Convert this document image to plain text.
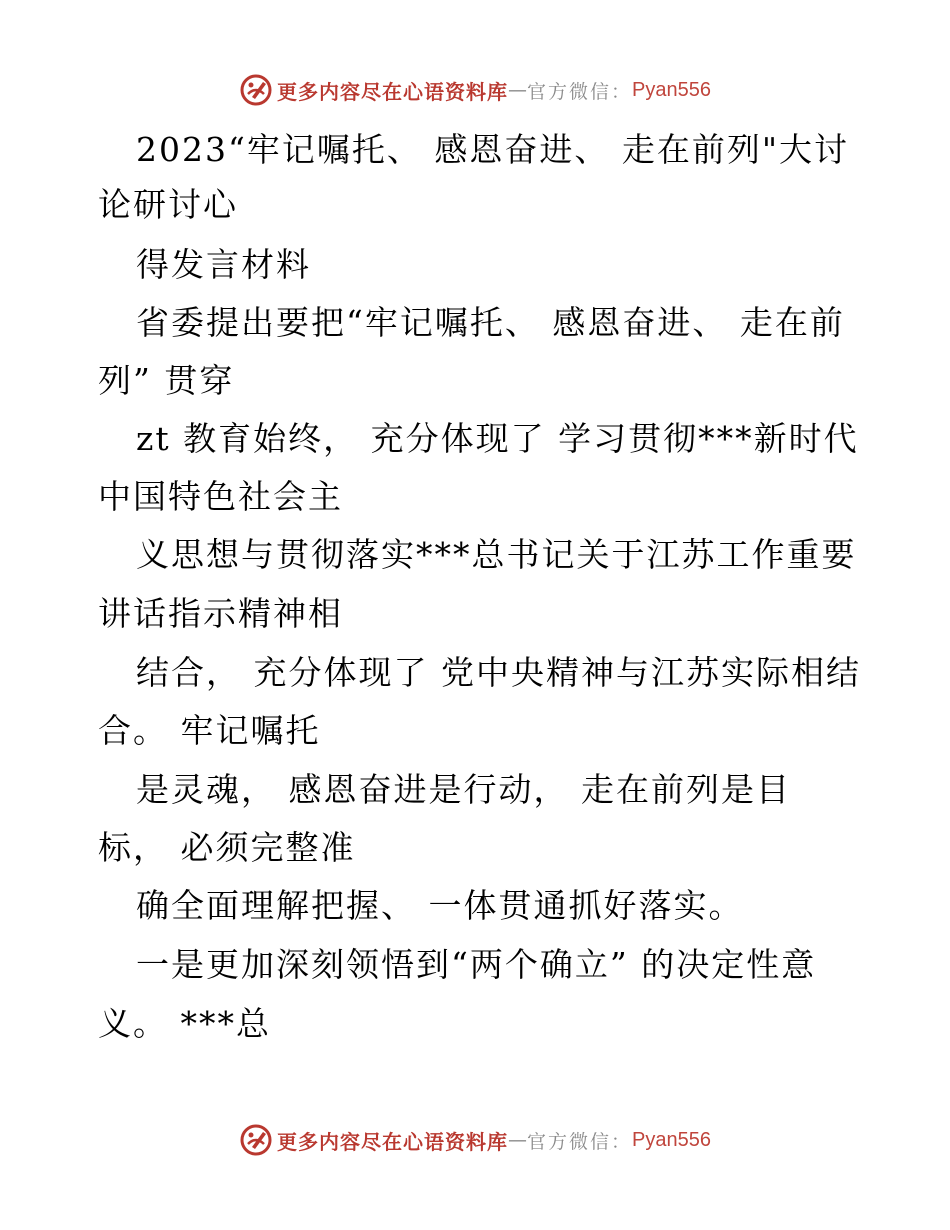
更多内容尽在心语资料库 — 官方微信： Pyan556
2023“牢记嘱托、 感恩奋进、 走在前列"大讨
论研讨心
得发言材料
省委提出要把“牢记嘱托、 感恩奋进、 走在前
列” 贯穿
zt 教育始终， 充分体现了 学习贯彻***新时代
中国特色社会主
义思想与贯彻落实***总书记关于江苏工作重要
讲话指示精神相
结合， 充分体现了 党中央精神与江苏实际相结
合。 牢记嘱托
是灵魂， 感恩奋进是行动， 走在前列是目
标， 必须完整准
确全面理解把握、 一体贯通抓好落实。
一是更加深刻领悟到“两个确立” 的决定性意
义。 ***总
更多内容尽在心语资料库 — 官方微信： Pyan556
